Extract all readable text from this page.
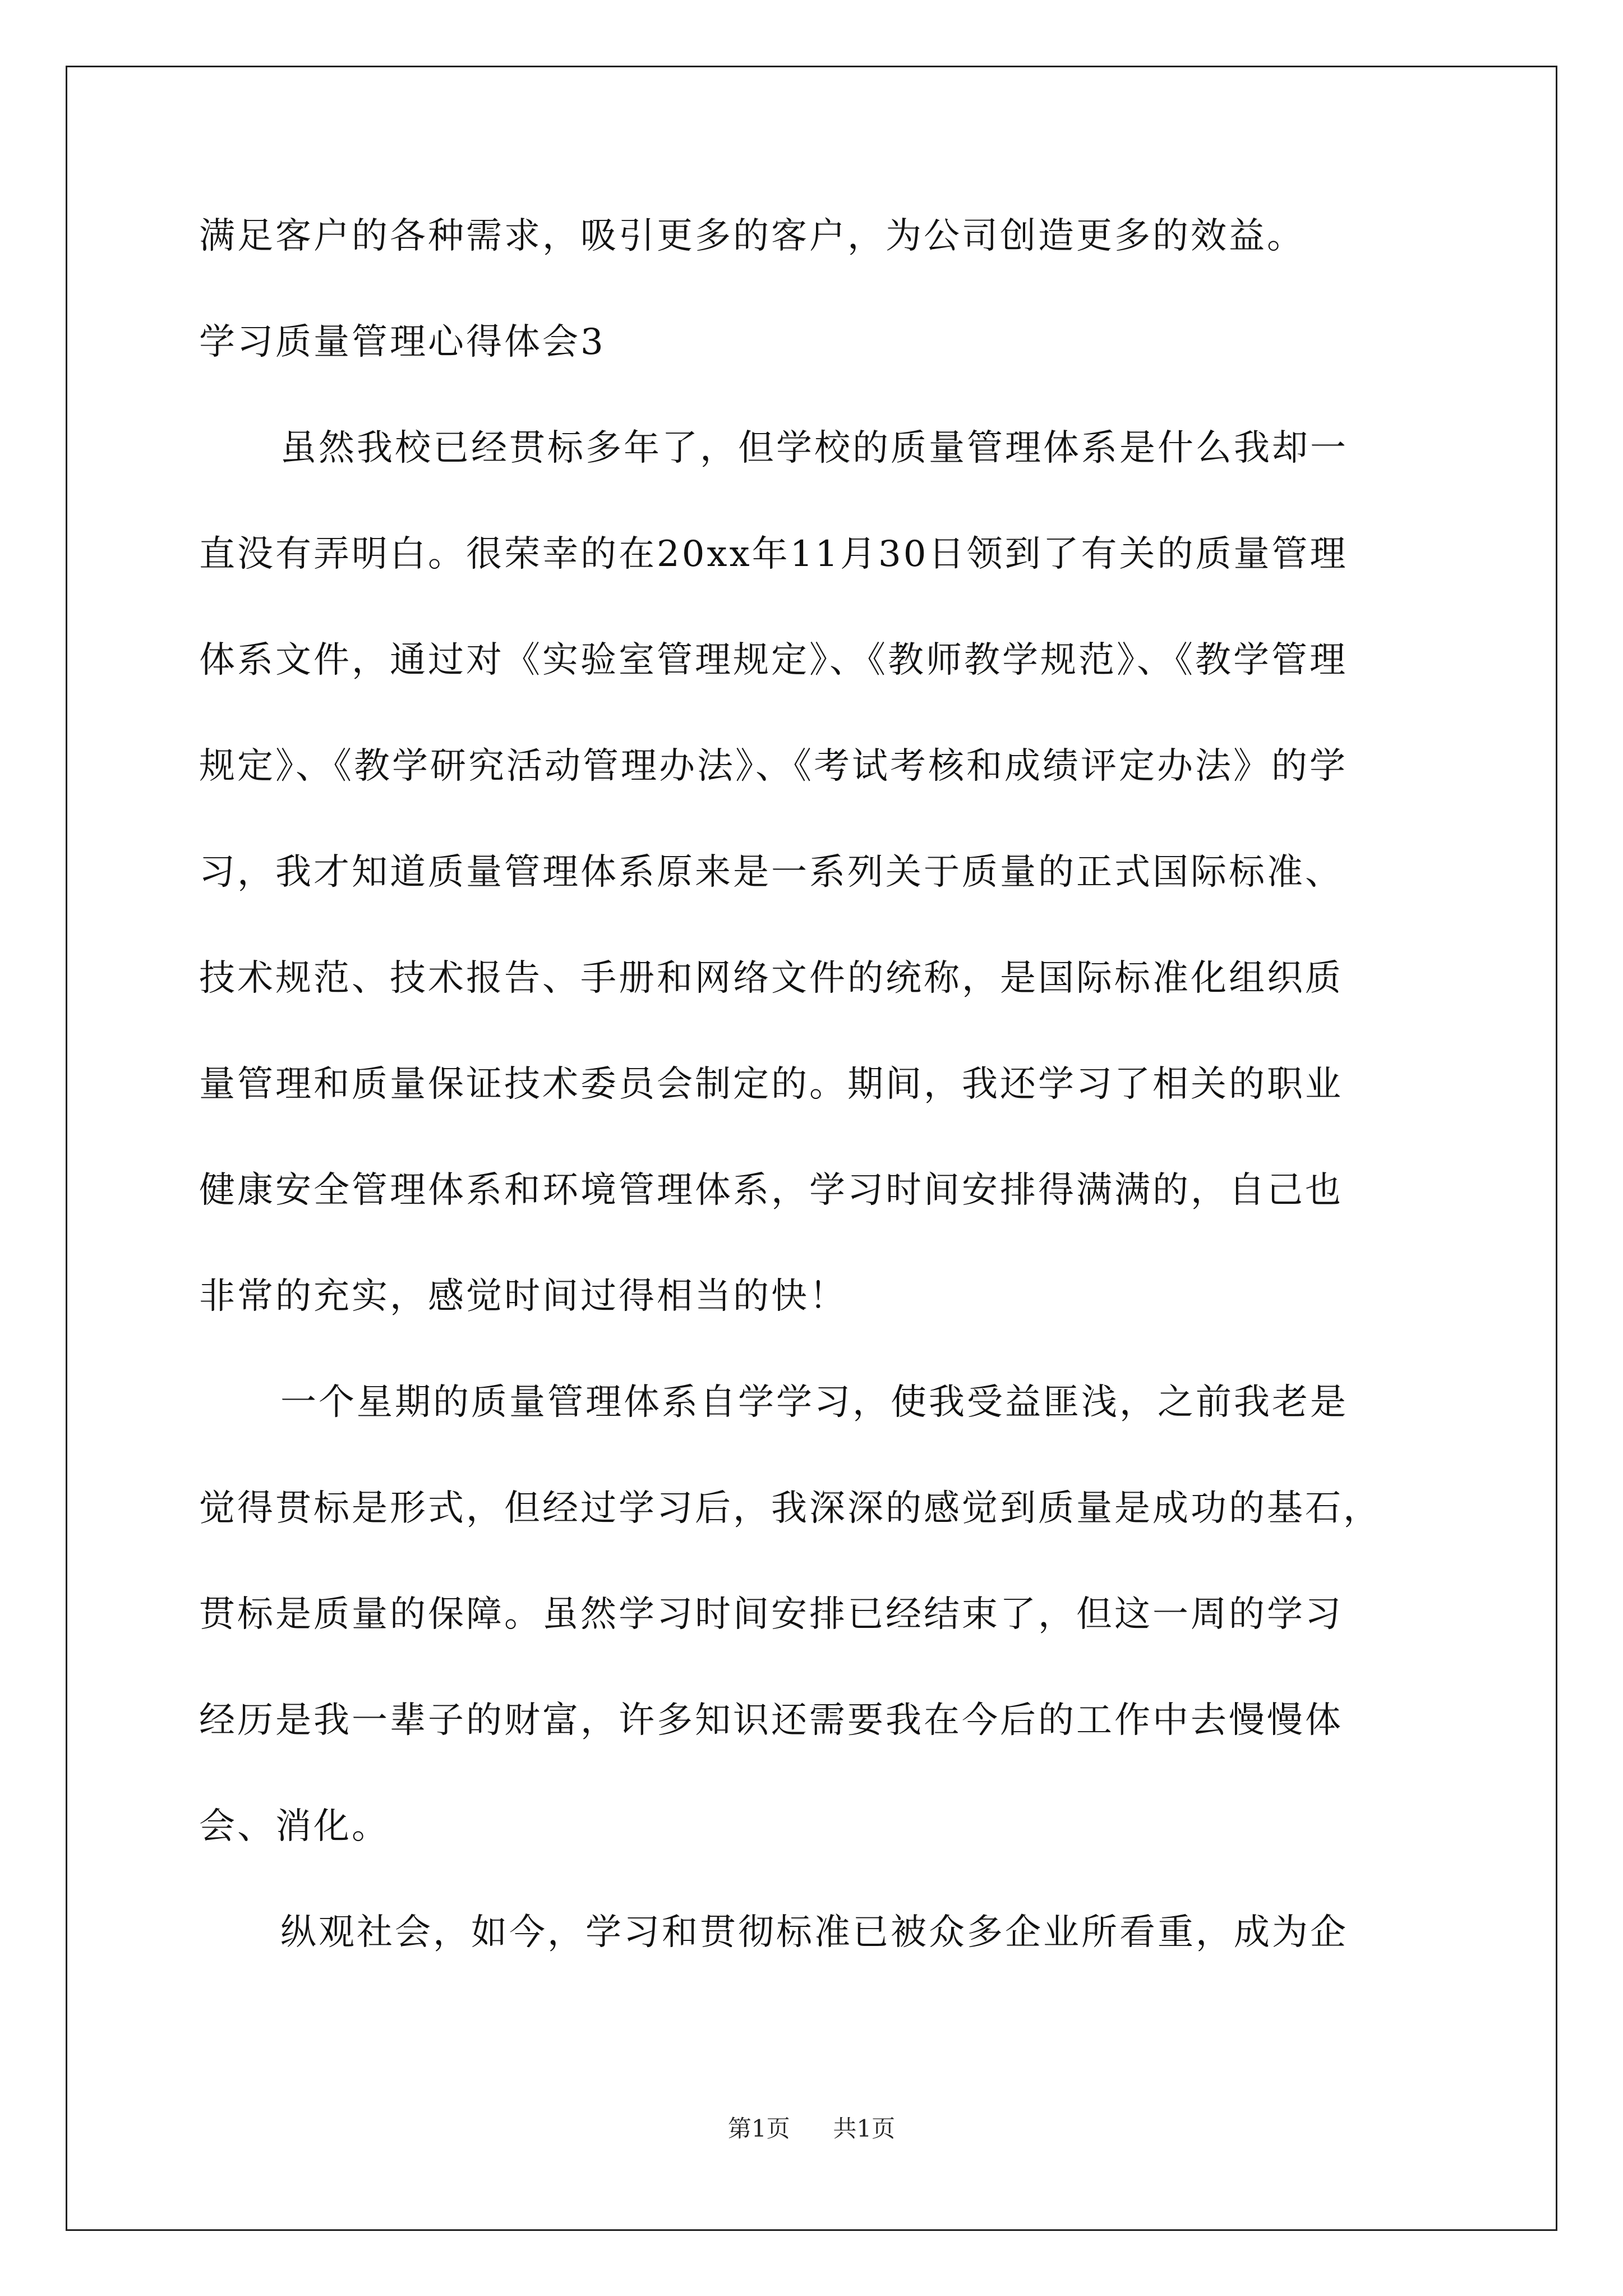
满足客户的各种需求，吸引更多的客户，为公司创造更多的效益。
学习质量管理心得体会3
虽然我校已经贯标多年了，但学校的质量管理体系是什么我却一
直没有弄明白。很荣幸的在20xx年11月30日领到了有关的质量管理
体系文件，通过对《实验室管理规定》、《教师教学规范》、《教学管理
规定》、《教学研究活动管理办法》、《考试考核和成绩评定办法》的学
习，我才知道质量管理体系原来是一系列关于质量的正式国际标准、
技术规范、技术报告、手册和网络文件的统称，是国际标准化组织质
量管理和质量保证技术委员会制定的。期间，我还学习了相关的职业
健康安全管理体系和环境管理体系，学习时间安排得满满的，自己也
非常的充实，感觉时间过得相当的快！
一个星期的质量管理体系自学学习，使我受益匪浅，之前我老是
觉得贯标是形式，但经过学习后，我深深的感觉到质量是成功的基石，
贯标是质量的保障。虽然学习时间安排已经结束了，但这一周的学习
经历是我一辈子的财富，许多知识还需要我在今后的工作中去慢慢体
会、消化。
纵观社会，如今，学习和贯彻标准已被众多企业所看重，成为企
第1页 共1页
